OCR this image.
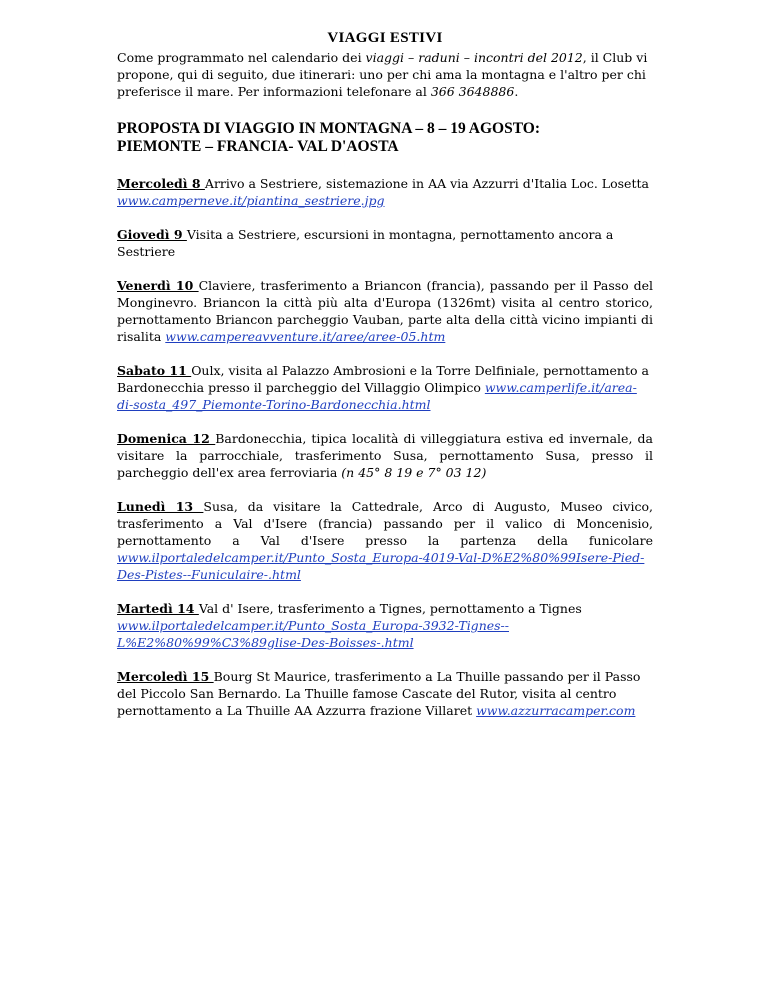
VIAGGI ESTIVI
Come programmato nel calendario dei viaggi – raduni – incontri del 2012, il Club vi propone, qui di seguito, due itinerari: uno per chi ama la montagna e l'altro per chi preferisce il mare. Per informazioni telefonare al 366 3648886.
PROPOSTA DI VIAGGIO IN MONTAGNA – 8 – 19 AGOSTO:
PIEMONTE – FRANCIA- VAL D'AOSTA
Mercoledì 8 Arrivo a Sestriere, sistemazione in AA via Azzurri d'Italia Loc. Losetta www.camperneve.it/piantina_sestriere.jpg
Giovedì 9 Visita a Sestriere, escursioni in montagna, pernottamento ancora a Sestriere
Venerdì 10 Claviere, trasferimento a Briancon (francia), passando per il Passo del Monginevro. Briancon la città più alta d'Europa (1326mt) visita al centro storico, pernottamento Briancon parcheggio Vauban, parte alta della città vicino impianti di risalita www.campereavventure.it/aree/aree-05.htm
Sabato 11 Oulx, visita al Palazzo Ambrosioni e la Torre Delfiniale, pernottamento a Bardonecchia presso il parcheggio del Villaggio Olimpico www.camperlife.it/area-di-sosta_497_Piemonte-Torino-Bardonecchia.html
Domenica 12 Bardonecchia, tipica località di villeggiatura estiva ed invernale, da visitare la parrocchiale, trasferimento Susa, pernottamento Susa, presso il parcheggio dell'ex area ferroviaria (n 45° 8 19 e 7° 03 12)
Lunedì 13 Susa, da visitare la Cattedrale, Arco di Augusto, Museo civico, trasferimento a Val d'Isere (francia) passando per il valico di Moncenisio, pernottamento a Val d'Isere presso la partenza della funicolare www.ilportaledelcamper.it/Punto_Sosta_Europa-4019-Val-D%E2%80%99Isere-Pied-Des-Pistes--Funiculaire-.html
Martedì 14 Val d' Isere, trasferimento a Tignes, pernottamento a Tignes www.ilportaledelcamper.it/Punto_Sosta_Europa-3932-Tignes--L%E2%80%99%C3%89glise-Des-Boisses-.html
Mercoledì 15 Bourg St Maurice, trasferimento a La Thuille passando per il Passo del Piccolo San Bernardo. La Thuille famose Cascate del Rutor, visita al centro pernottamento a La Thuille AA Azzurra frazione Villaret www.azzurracamper.com
